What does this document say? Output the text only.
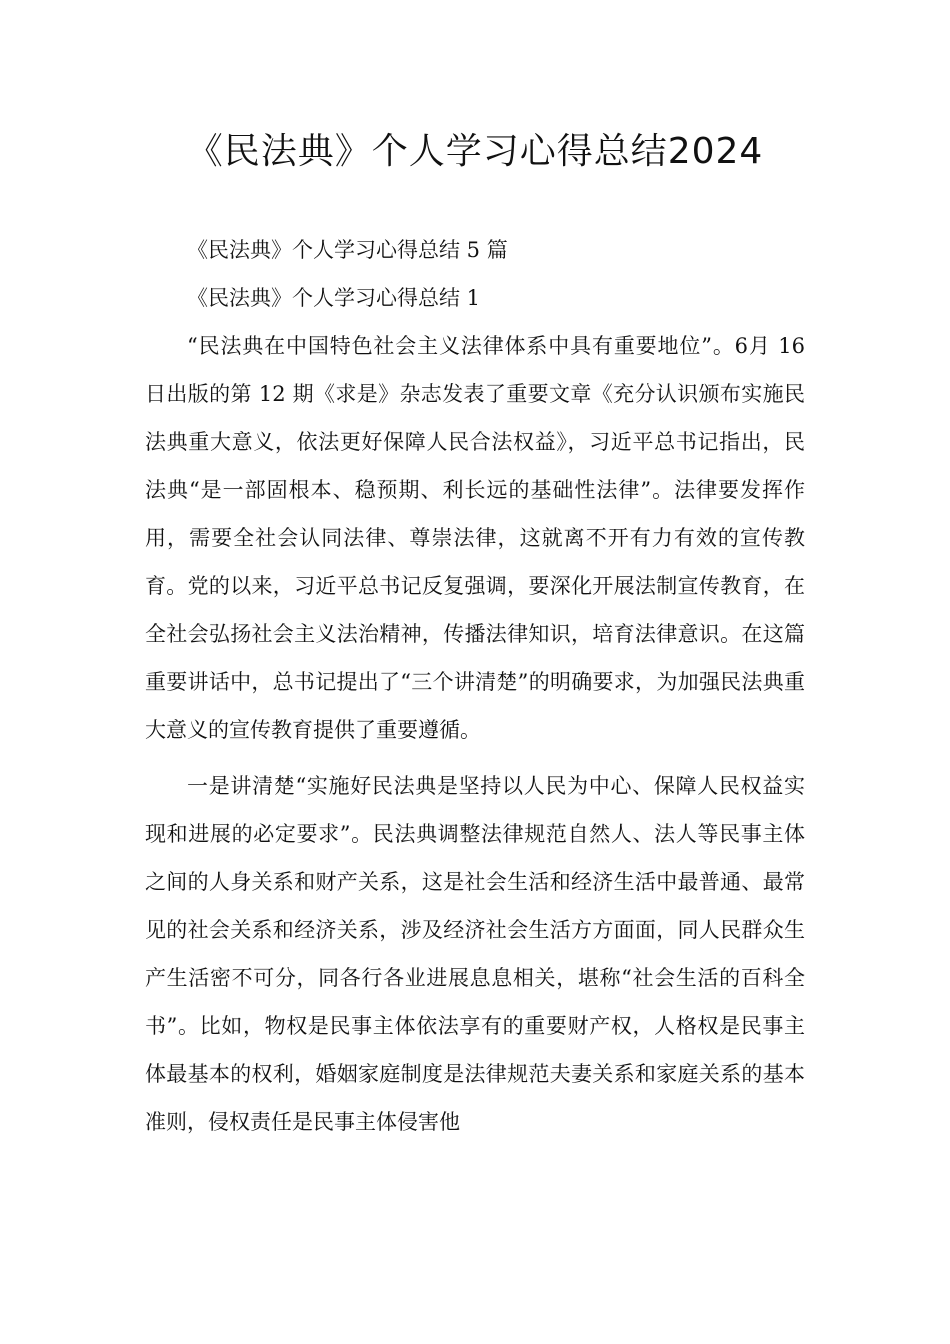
《民法典》个人学习心得总结2024

《民法典》个人学习心得总结 5 篇

《民法典》个人学习心得总结 1

“民法典在中国特色社会主义法律体系中具有重要地位”。6月 16 日出版的第 12 期《求是》杂志发表了重要文章《充分认识颁布实施民法典重大意义，依法更好保障人民合法权益》，习近平总书记指出，民法典“是一部固根本、稳预期、利长远的基础性法律”。法律要发挥作用，需要全社会认同法律、尊崇法律，这就离不开有力有效的宣传教育。党的以来，习近平总书记反复强调，要深化开展法制宣传教育，在全社会弘扬社会主义法治精神，传播法律知识，培育法律意识。在这篇重要讲话中，总书记提出了“三个讲清楚”的明确要求，为加强民法典重大意义的宣传教育提供了重要遵循。

一是讲清楚“实施好民法典是坚持以人民为中心、保障人民权益实现和进展的必定要求”。民法典调整法律规范自然人、法人等民事主体之间的人身关系和财产关系，这是社会生活和经济生活中最普通、最常见的社会关系和经济关系，涉及经济社会生活方方面面，同人民群众生产生活密不可分，同各行各业进展息息相关，堪称“社会生活的百科全书”。比如，物权是民事主体依法享有的重要财产权，人格权是民事主体最基本的权利，婚姻家庭制度是法律规范夫妻关系和家庭关系的基本准则，侵权责任是民事主体侵害他
